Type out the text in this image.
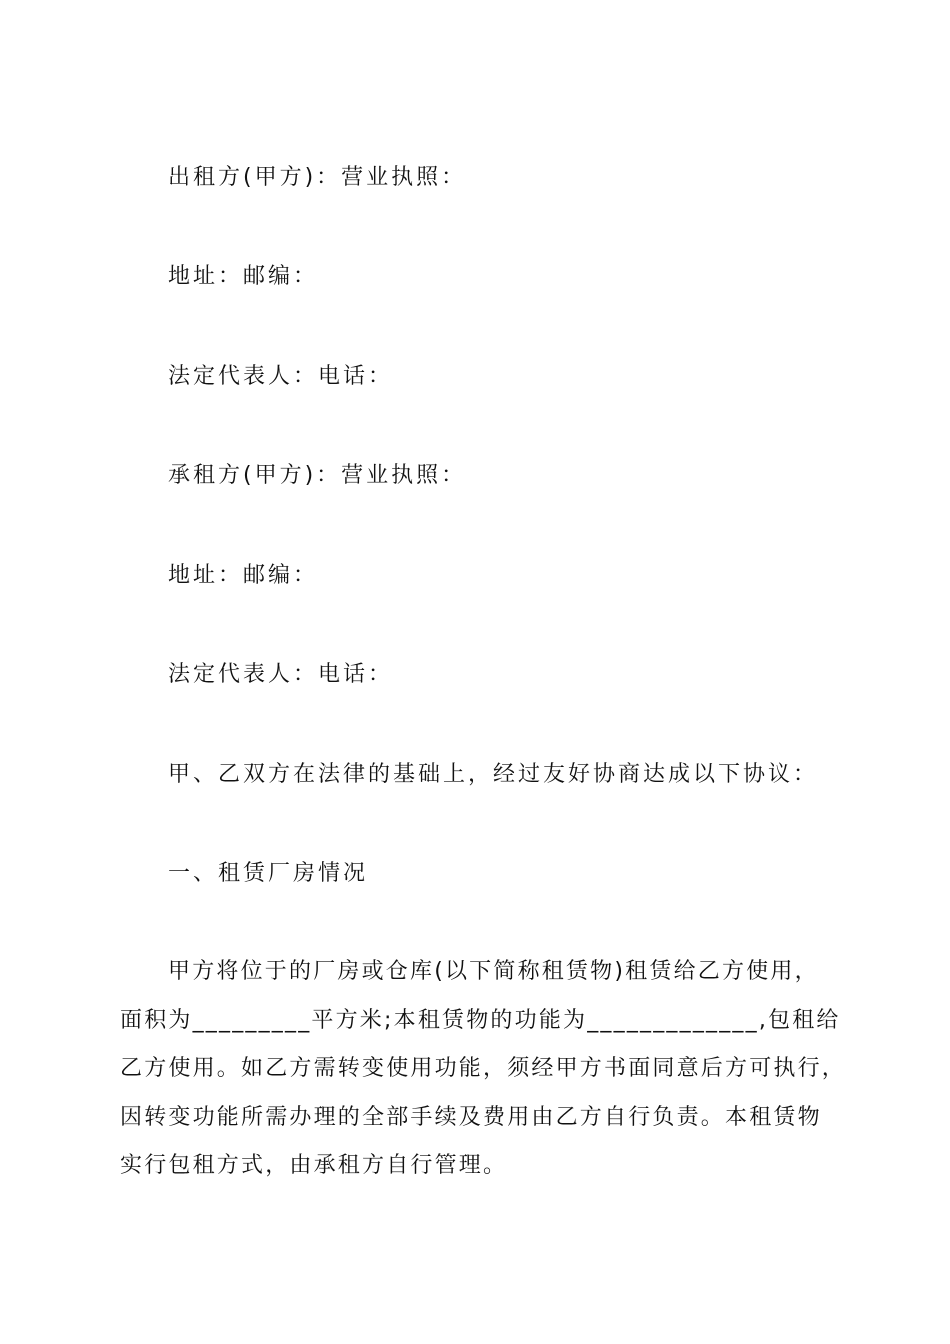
出租方(甲方)：营业执照：
地址：邮编：
法定代表人：电话：
承租方(甲方)：营业执照：
地址：邮编：
法定代表人：电话：
甲、乙双方在法律的基础上，经过友好协商达成以下协议：
一、租赁厂房情况
甲方将位于的厂房或仓库(以下简称租赁物)租赁给乙方使用，
面积为_________平方米;本租赁物的功能为_____________,包租给
乙方使用。如乙方需转变使用功能，须经甲方书面同意后方可执行，
因转变功能所需办理的全部手续及费用由乙方自行负责。本租赁物
实行包租方式，由承租方自行管理。
